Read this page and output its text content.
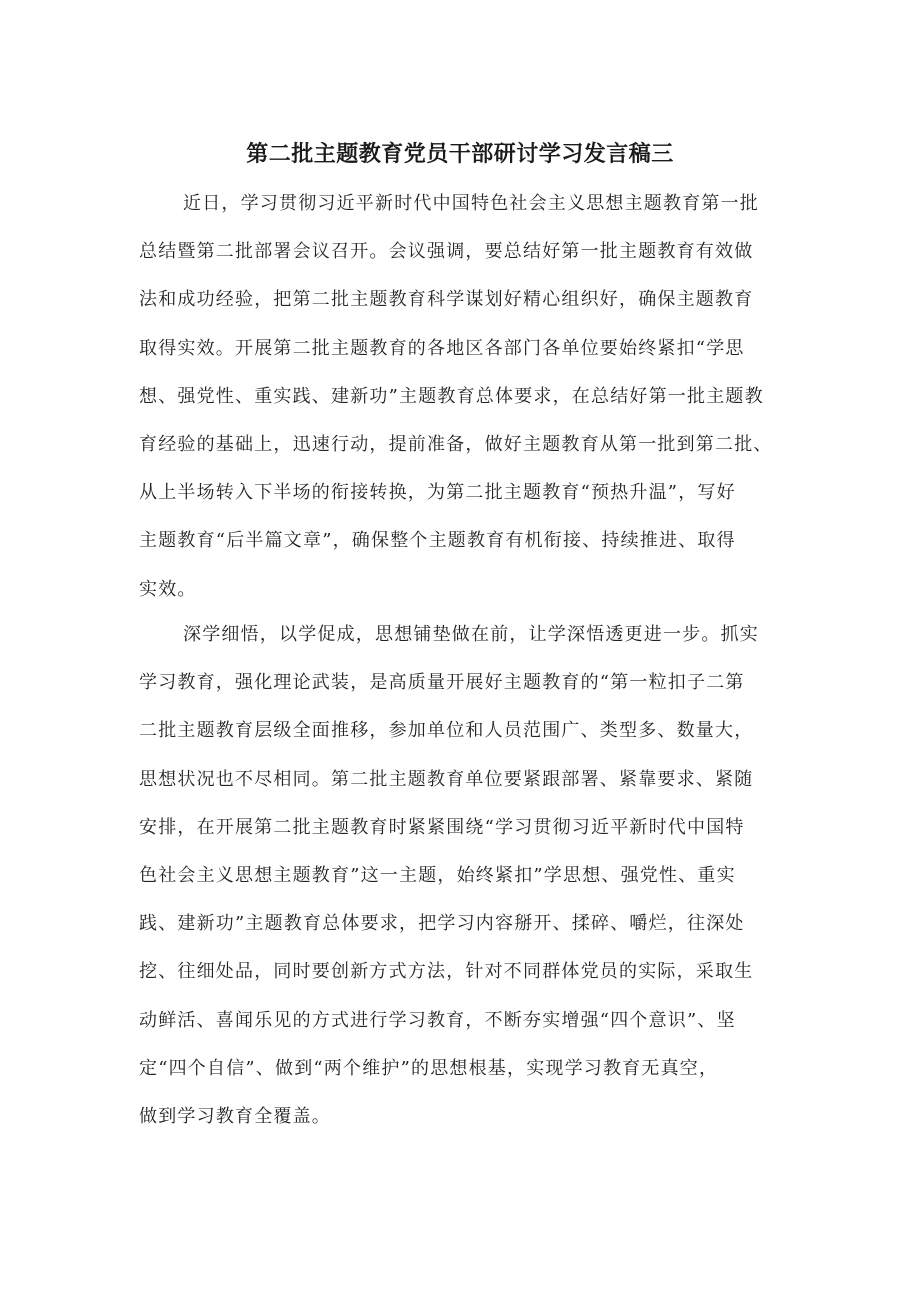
第二批主题教育党员干部研讨学习发言稿三
近日，学习贯彻习近平新时代中国特色社会主义思想主题教育第一批
总结暨第二批部署会议召开。会议强调，要总结好第一批主题教育有效做
法和成功经验，把第二批主题教育科学谋划好精心组织好，确保主题教育
取得实效。开展第二批主题教育的各地区各部门各单位要始终紧扣“学思
想、强党性、重实践、建新功”主题教育总体要求，在总结好第一批主题教
育经验的基础上，迅速行动，提前准备，做好主题教育从第一批到第二批、
从上半场转入下半场的衔接转换，为第二批主题教育“预热升温”，写好
主题教育“后半篇文章”，确保整个主题教育有机衔接、持续推进、取得
实效。
深学细悟，以学促成，思想铺垫做在前，让学深悟透更进一步。抓实
学习教育，强化理论武装，是高质量开展好主题教育的“第一粒扣子二第
二批主题教育层级全面推移，参加单位和人员范围广、类型多、数量大，
思想状况也不尽相同。第二批主题教育单位要紧跟部署、紧靠要求、紧随
安排，在开展第二批主题教育时紧紧围绕“学习贯彻习近平新时代中国特
色社会主义思想主题教育”这一主题，始终紧扣”学思想、强党性、重实
践、建新功”主题教育总体要求，把学习内容掰开、揉碎、嚼烂，往深处
挖、往细处品，同时要创新方式方法，针对不同群体党员的实际，采取生
动鲜活、喜闻乐见的方式进行学习教育，不断夯实增强“四个意识”、坚
定“四个自信”、做到“两个维护”的思想根基，实现学习教育无真空，
做到学习教育全覆盖。
